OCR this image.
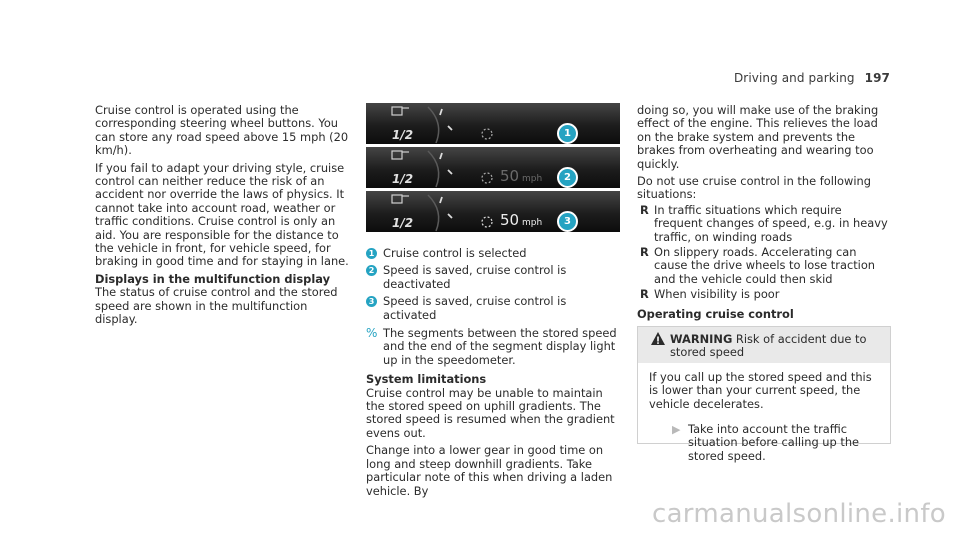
Driving and parking 197

Cruise control is operated using the corresponding steering wheel buttons. You can store any road speed above 15 mph (20 km/h).

If you fail to adapt your driving style, cruise control can neither reduce the risk of an accident nor override the laws of physics. It cannot take into account road, weather or traffic conditions. Cruise control is only an aid. You are responsible for the distance to the vehicle in front, for vehicle speed, for braking in good time and for staying in lane.

Displays in the multifunction display

The status of cruise control and the stored speed are shown in the multifunction display.

1/2	1
1/2	50 mph	2
1/2	50 mph	3

1 Cruise control is selected

2 Speed is saved, cruise control is deactivated

3 Speed is saved, cruise control is activated

% The segments between the stored speed and the end of the segment display light up in the speedometer.
System limitations

Cruise control may be unable to maintain the stored speed on uphill gradients. The stored speed is resumed when the gradient evens out.

Change into a lower gear in good time on long and steep downhill gradients. Take particular note of this when driving a laden vehicle. By

doing so, you will make use of the braking effect of the engine. This relieves the load on the brake system and prevents the brakes from overheating and wearing too quickly.

Do not use cruise control in the following situations:

R In traffic situations which require frequent changes of speed, e.g. in heavy traffic, on winding roads
R On slippery roads. Accelerating can cause the drive wheels to lose traction and the vehicle could then skid
R When visibility is poor
Operating cruise control
WARNING Risk of accident due to stored speed
If you call up the stored speed and this is lower than your current speed, the vehicle decelerates.
▶ Take into account the traffic situation before calling up the stored speed.
carmanualsonline.info
